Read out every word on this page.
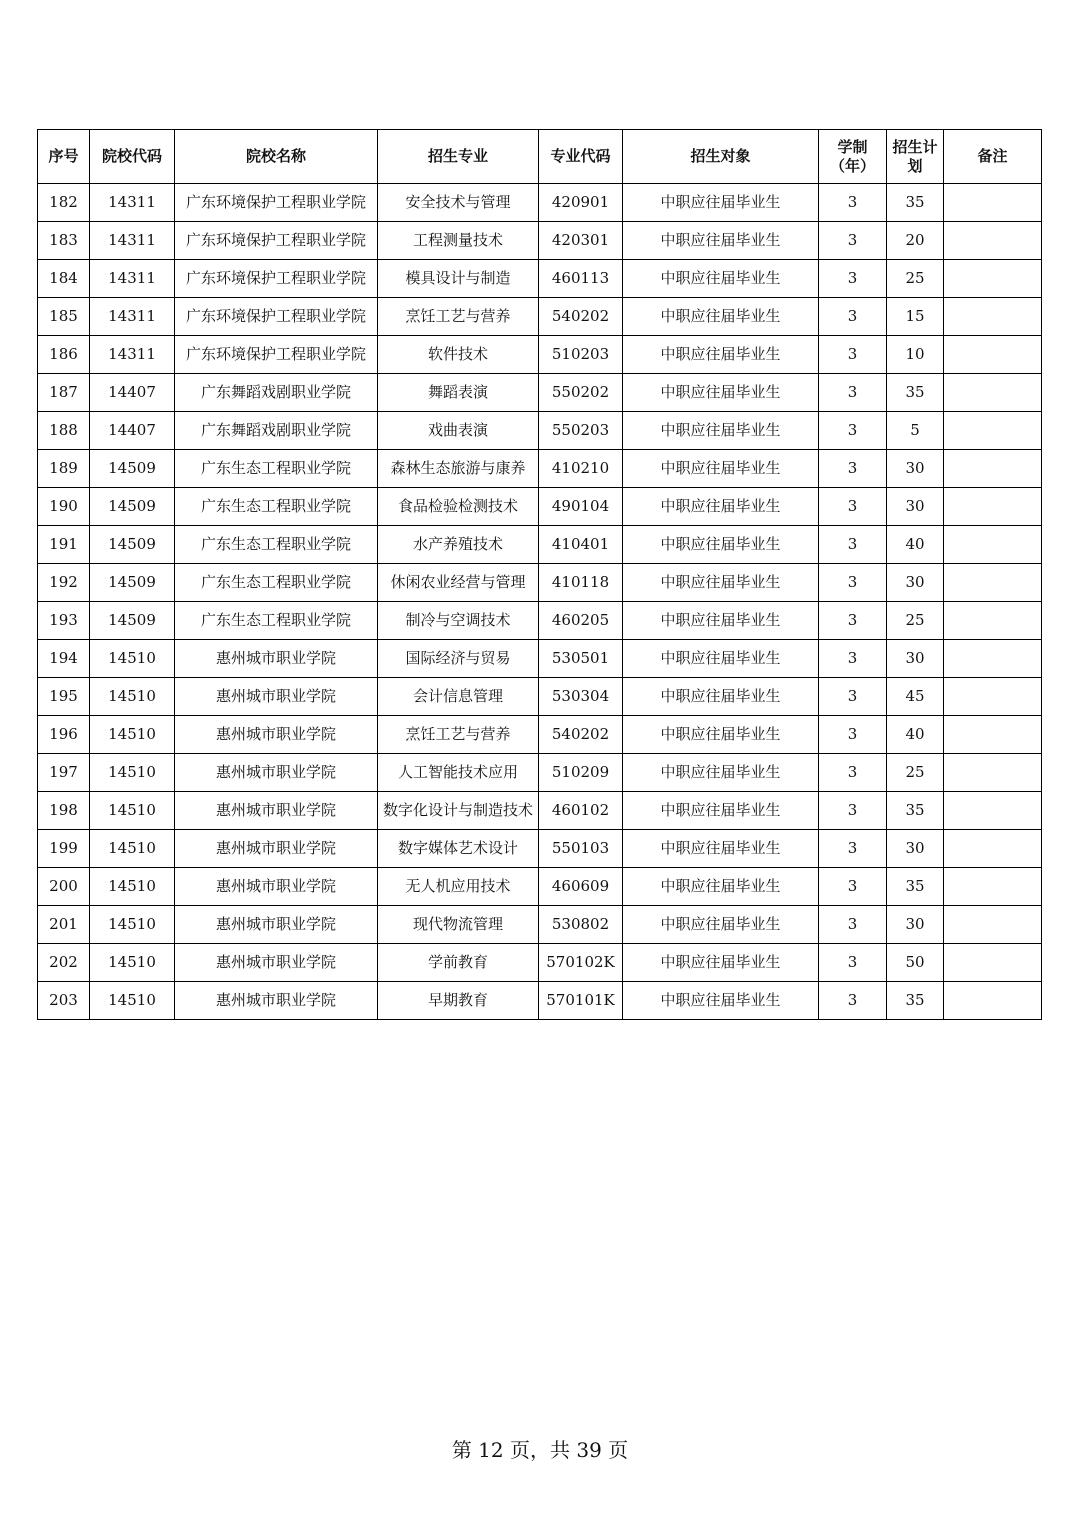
序号	院校代码	院校名称	招生专业	专业代码	招生对象	学制（年）	招生计划	备注
182	14311	广东环境保护工程职业学院	安全技术与管理	420901	中职应往届毕业生	3	35	
183	14311	广东环境保护工程职业学院	工程测量技术	420301	中职应往届毕业生	3	20	
184	14311	广东环境保护工程职业学院	模具设计与制造	460113	中职应往届毕业生	3	25	
185	14311	广东环境保护工程职业学院	烹饪工艺与营养	540202	中职应往届毕业生	3	15	
186	14311	广东环境保护工程职业学院	软件技术	510203	中职应往届毕业生	3	10	
187	14407	广东舞蹈戏剧职业学院	舞蹈表演	550202	中职应往届毕业生	3	35	
188	14407	广东舞蹈戏剧职业学院	戏曲表演	550203	中职应往届毕业生	3	5	
189	14509	广东生态工程职业学院	森林生态旅游与康养	410210	中职应往届毕业生	3	30	
190	14509	广东生态工程职业学院	食品检验检测技术	490104	中职应往届毕业生	3	30	
191	14509	广东生态工程职业学院	水产养殖技术	410401	中职应往届毕业生	3	40	
192	14509	广东生态工程职业学院	休闲农业经营与管理	410118	中职应往届毕业生	3	30	
193	14509	广东生态工程职业学院	制冷与空调技术	460205	中职应往届毕业生	3	25	
194	14510	惠州城市职业学院	国际经济与贸易	530501	中职应往届毕业生	3	30	
195	14510	惠州城市职业学院	会计信息管理	530304	中职应往届毕业生	3	45	
196	14510	惠州城市职业学院	烹饪工艺与营养	540202	中职应往届毕业生	3	40	
197	14510	惠州城市职业学院	人工智能技术应用	510209	中职应往届毕业生	3	25	
198	14510	惠州城市职业学院	数字化设计与制造技术	460102	中职应往届毕业生	3	35	
199	14510	惠州城市职业学院	数字媒体艺术设计	550103	中职应往届毕业生	3	30	
200	14510	惠州城市职业学院	无人机应用技术	460609	中职应往届毕业生	3	35	
201	14510	惠州城市职业学院	现代物流管理	530802	中职应往届毕业生	3	30	
202	14510	惠州城市职业学院	学前教育	570102K	中职应往届毕业生	3	50	
203	14510	惠州城市职业学院	早期教育	570101K	中职应往届毕业生	3	35	
第 12 页，共 39 页
